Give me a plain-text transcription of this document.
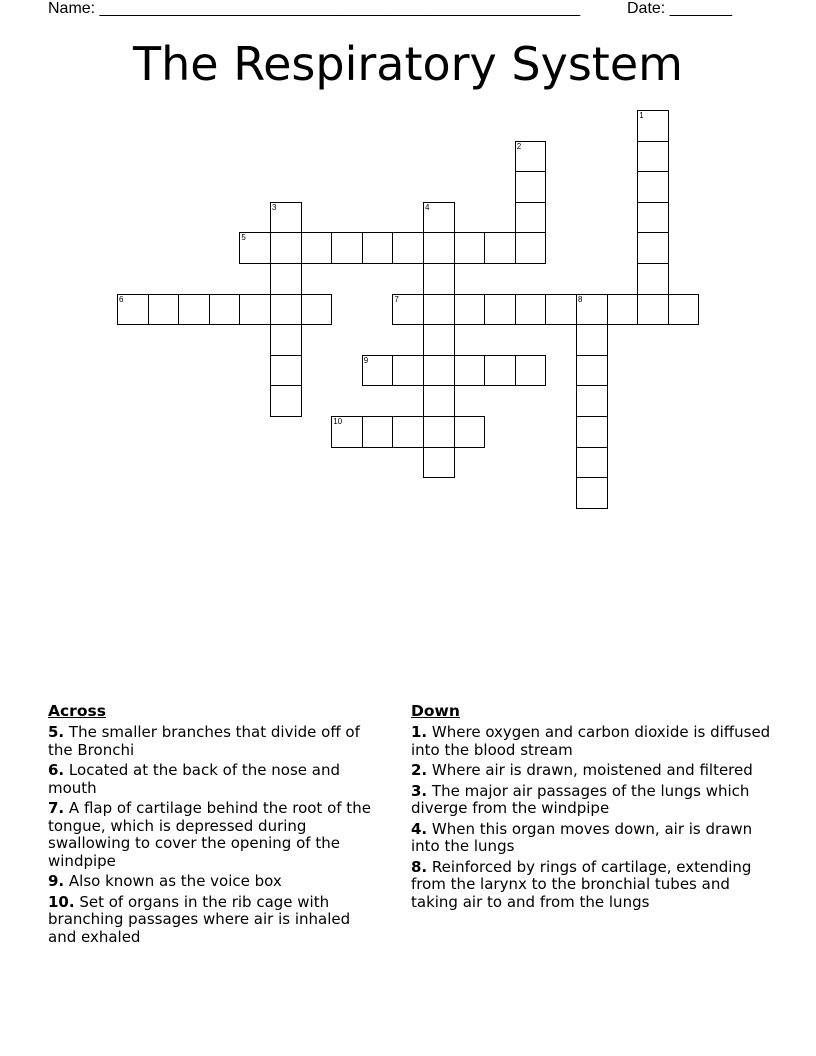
Name: ______________________________________________________	Date: _______
The Respiratory System
1
2
3	4
5
6	7	8
9
10
Across
5. The smaller branches that divide off of the Bronchi
6. Located at the back of the nose and mouth
7. A flap of cartilage behind the root of the tongue, which is depressed during swallowing to cover the opening of the windpipe
9. Also known as the voice box
10. Set of organs in the rib cage with branching passages where air is inhaled and exhaled
Down
1. Where oxygen and carbon dioxide is diffused into the blood stream
2. Where air is drawn, moistened and filtered
3. The major air passages of the lungs which diverge from the windpipe
4. When this organ moves down, air is drawn into the lungs
8. Reinforced by rings of cartilage, extending from the larynx to the bronchial tubes and taking air to and from the lungs
